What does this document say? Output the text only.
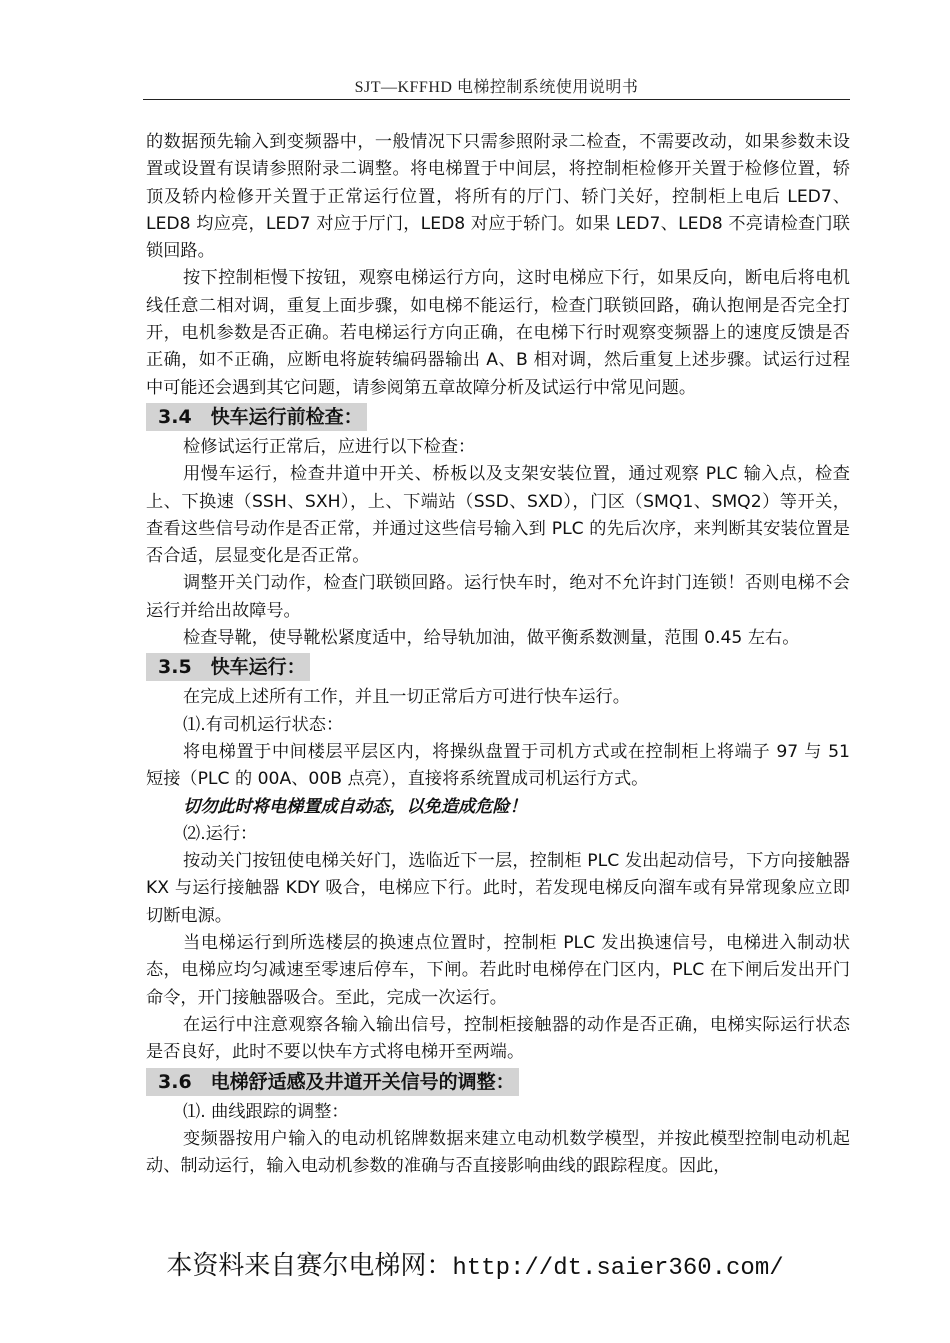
SJT—KFFHD 电梯控制系统使用说明书

的数据预先输入到变频器中，一般情况下只需参照附录二检查，不需要改动，如果参数未设置或设置有误请参照附录二调整。将电梯置于中间层，将控制柜检修开关置于检修位置，轿顶及轿内检修开关置于正常运行位置，将所有的厅门、轿门关好，控制柜上电后 LED7、LED8 均应亮，LED7 对应于厅门，LED8 对应于轿门。如果 LED7、LED8 不亮请检查门联锁回路。

按下控制柜慢下按钮，观察电梯运行方向，这时电梯应下行，如果反向，断电后将电机线任意二相对调，重复上面步骤，如电梯不能运行，检查门联锁回路，确认抱闸是否完全打开，电机参数是否正确。若电梯运行方向正确，在电梯下行时观察变频器上的速度反馈是否正确，如不正确，应断电将旋转编码器输出 A、B 相对调，然后重复上述步骤。试运行过程中可能还会遇到其它问题，请参阅第五章故障分析及试运行中常见问题。

3.4　快车运行前检查：

检修试运行正常后，应进行以下检查：

用慢车运行，检查井道中开关、桥板以及支架安装位置，通过观察 PLC 输入点，检查上、下换速（SSH、SXH），上、下端站（SSD、SXD），门区（SMQ1、SMQ2）等开关，查看这些信号动作是否正常，并通过这些信号输入到 PLC 的先后次序，来判断其安装位置是否合适，层显变化是否正常。

调整开关门动作，检查门联锁回路。运行快车时，绝对不允许封门连锁！否则电梯不会运行并给出故障号。

检查导靴，使导靴松紧度适中，给导轨加油，做平衡系数测量，范围 0.45 左右。

3.5　快车运行：

在完成上述所有工作，并且一切正常后方可进行快车运行。

⑴.有司机运行状态：

将电梯置于中间楼层平层区内，将操纵盘置于司机方式或在控制柜上将端子 97 与 51 短接（PLC 的 00A、00B 点亮），直接将系统置成司机运行方式。

切勿此时将电梯置成自动态，以免造成危险！

⑵.运行：

按动关门按钮使电梯关好门，选临近下一层，控制柜 PLC 发出起动信号，下方向接触器 KX 与运行接触器 KDY 吸合，电梯应下行。此时，若发现电梯反向溜车或有异常现象应立即切断电源。

当电梯运行到所选楼层的换速点位置时，控制柜 PLC 发出换速信号，电梯进入制动状态，电梯应均匀减速至零速后停车，下闸。若此时电梯停在门区内，PLC 在下闸后发出开门命令，开门接触器吸合。至此，完成一次运行。

在运行中注意观察各输入输出信号，控制柜接触器的动作是否正确，电梯实际运行状态是否良好，此时不要以快车方式将电梯开至两端。

3.6　电梯舒适感及井道开关信号的调整：

⑴. 曲线跟踪的调整：

变频器按用户输入的电动机铭牌数据来建立电动机数学模型，并按此模型控制电动机起动、制动运行，输入电动机参数的准确与否直接影响曲线的跟踪程度。因此，

本资料来自赛尔电梯网：http://dt.saier360.com/
